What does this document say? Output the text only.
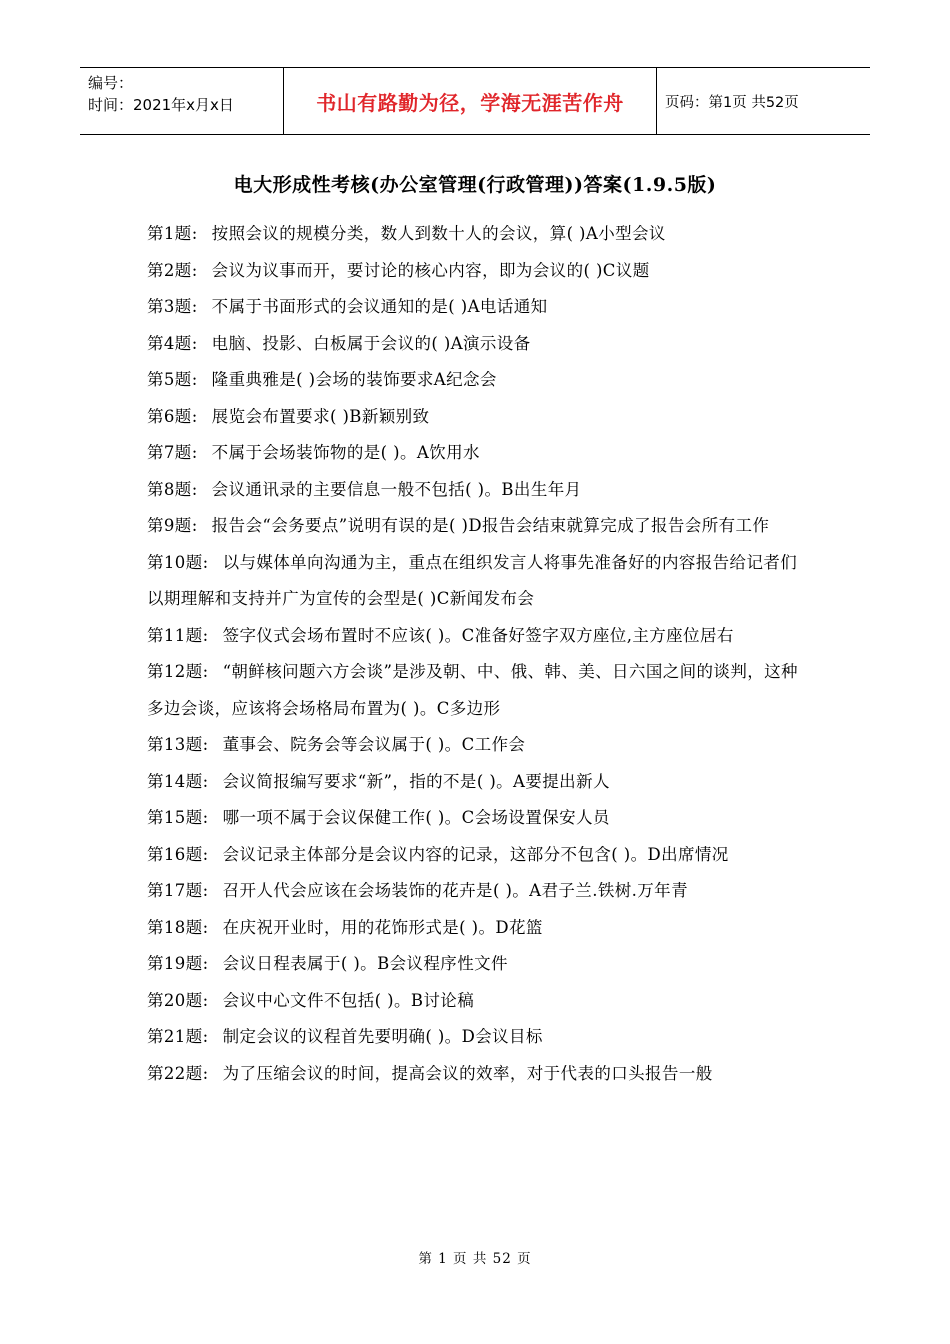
编号：
时间：2021年x月x日	书山有路勤为径，学海无涯苦作舟	页码：第1页 共52页
电大形成性考核(办公室管理(行政管理))答案(1.9.5版)

第1题: 按照会议的规模分类，数人到数十人的会议，算( )A小型会议

第2题: 会议为议事而开，要讨论的核心内容，即为会议的( )C议题

第3题: 不属于书面形式的会议通知的是( )A电话通知

第4题: 电脑、投影、白板属于会议的( )A演示设备

第5题: 隆重典雅是( )会场的装饰要求A纪念会

第6题: 展览会布置要求( )B新颖别致

第7题: 不属于会场装饰物的是( )。A饮用水

第8题: 会议通讯录的主要信息一般不包括( )。B出生年月

第9题: 报告会“会务要点”说明有误的是( )D报告会结束就算完成了报告会所有工作

第10题: 以与媒体单向沟通为主，重点在组织发言人将事先准备好的内容报告给记者们以期理解和支持并广为宣传的会型是( )C新闻发布会

第11题: 签字仪式会场布置时不应该( )。C准备好签字双方座位,主方座位居右

第12题: “朝鲜核问题六方会谈”是涉及朝、中、俄、韩、美、日六国之间的谈判，这种多边会谈，应该将会场格局布置为( )。C多边形

第13题: 董事会、院务会等会议属于( )。C工作会

第14题: 会议简报编写要求“新”，指的不是( )。A要提出新人

第15题: 哪一项不属于会议保健工作( )。C会场设置保安人员

第16题: 会议记录主体部分是会议内容的记录，这部分不包含( )。D出席情况

第17题: 召开人代会应该在会场装饰的花卉是( )。A君子兰.铁树.万年青

第18题: 在庆祝开业时，用的花饰形式是( )。D花篮

第19题: 会议日程表属于( )。B会议程序性文件

第20题: 会议中心文件不包括( )。B讨论稿

第21题: 制定会议的议程首先要明确( )。D会议目标

第22题: 为了压缩会议的时间，提高会议的效率，对于代表的口头报告一般

第 1 页 共 52 页
